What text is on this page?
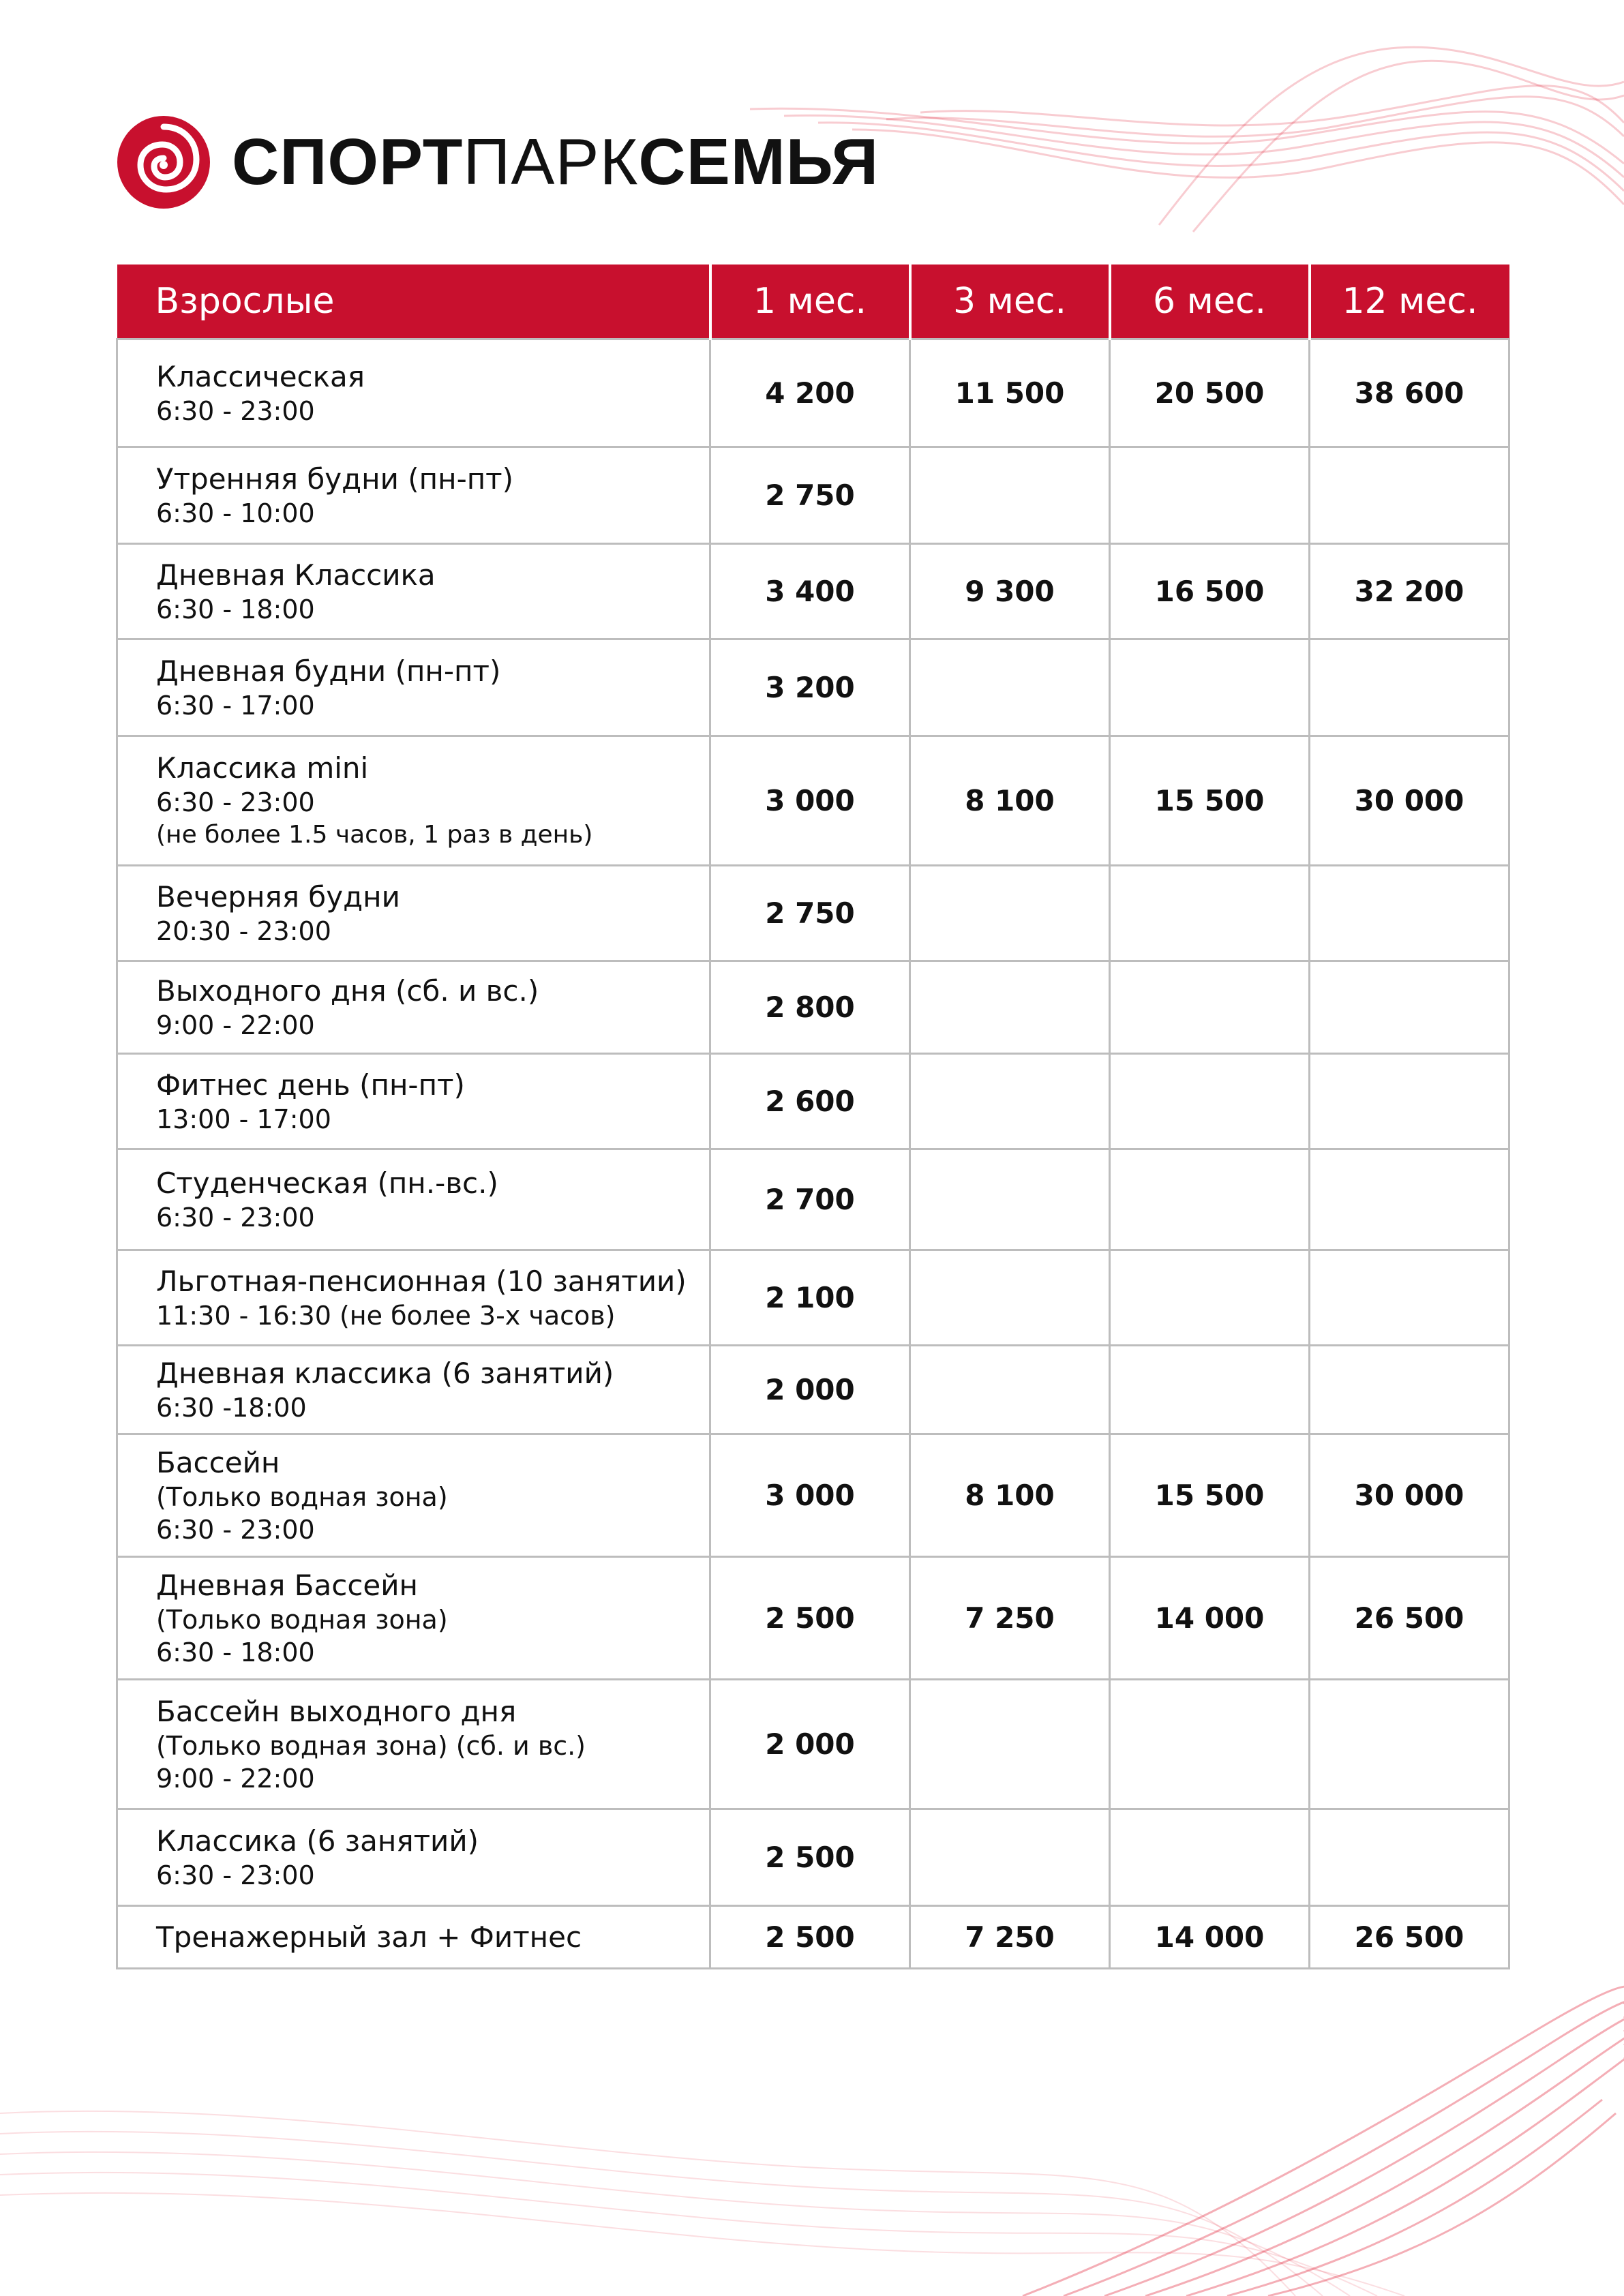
СПОРТПАРКСЕМЬЯ
Взрослые	1 мес.	3 мес.	6 мес.	12 мес.

Классическая
6:30 - 23:00	4 200	11 500	20 500	38 600

Утренняя будни (пн-пт)
6:30 - 10:00	2 750			

Дневная Классика
6:30 - 18:00	3 400	9 300	16 500	32 200

Дневная будни (пн-пт)
6:30 - 17:00	3 200			

Классика mini
6:30 - 23:00
(не более 1.5 часов, 1 раз в день)	3 000	8 100	15 500	30 000

Вечерняя будни
20:30 - 23:00	2 750			

Выходного дня (сб. и вс.)
9:00 - 22:00	2 800			

Фитнес день (пн-пт)
13:00 - 17:00	2 600			

Студенческая (пн.-вс.)
6:30 - 23:00	2 700			

Льготная-пенсионная (10 занятии)
11:30 - 16:30 (не более 3-х часов)	2 100			

Дневная классика (6 занятий)
6:30 -18:00	2 000			

Бассейн
(Только водная зона)
6:30 - 23:00	3 000	8 100	15 500	30 000

Дневная Бассейн
(Только водная зона)
6:30 - 18:00	2 500	7 250	14 000	26 500

Бассейн выходного дня
(Только водная зона) (сб. и вс.)
9:00 - 22:00	2 000			

Классика (6 занятий)
6:30 - 23:00	2 500			

Тренажерный зал + Фитнес	2 500	7 250	14 000	26 500
